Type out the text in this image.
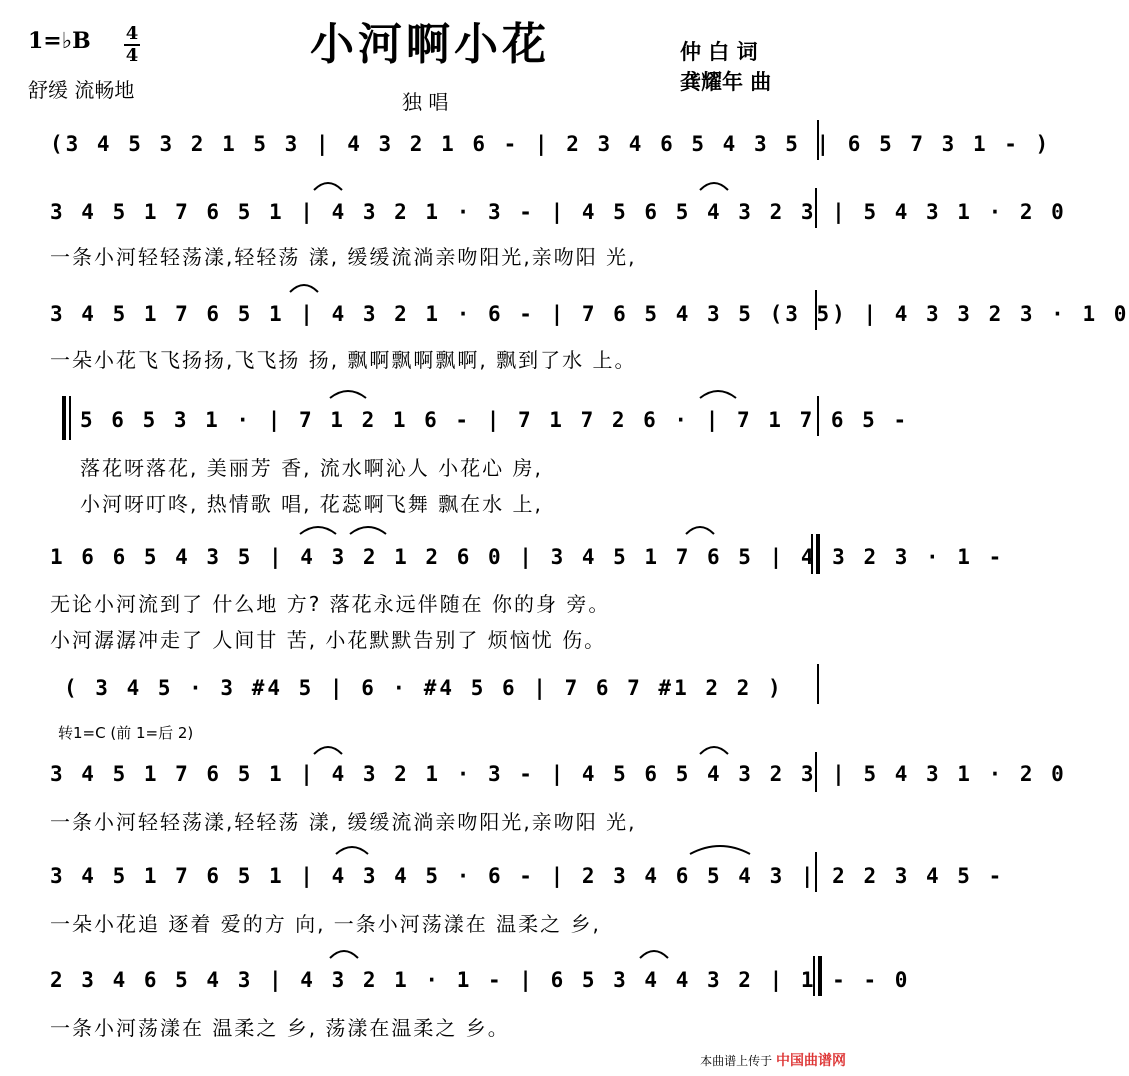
小河啊小花
1=♭B 4
4
舒缓 流畅地	独 唱
仲 白 词
龚耀年 曲
(3 4 5 3 2 1 5 3 | 4 3 2 1 6 - | 2 3 4 6 5 4 3 5 | 6 5 7 3 1 - )
3 4 5 1 7 6 5 1 | 4 3 2 1 · 3 - | 4 5 6 5 4 3 2 3 | 5 4 3 1 · 2 0
一条小河轻轻荡漾,轻轻荡 漾, 缓缓流淌亲吻阳光,亲吻阳 光,
3 4 5 1 7 6 5 1 | 4 3 2 1 · 6 - | 7 6 5 4 3 5 (3 5) | 4 3 3 2 3 · 1 0
一朵小花飞飞扬扬,飞飞扬 扬, 飘啊飘啊飘啊, 飘到了水 上。
5 6 5 3 1 · | 7 1 2 1 6 - | 7 1 7 2 6 · | 7 1 7 6 5 -
落花呀落花, 美丽芳 香, 流水啊沁人 小花心 房,
小河呀叮咚, 热情歌 唱, 花蕊啊飞舞 飘在水 上,
1 6 6 5 4 3 5 | 4 3 2 1 2 6 0 | 3 4 5 1 7 6 5 | 4 3 2 3 · 1 -
无论小河流到了 什么地 方? 落花永远伴随在 你的身 旁。
小河潺潺冲走了 人间甘 苦, 小花默默告别了 烦恼忧 伤。
( 3 4 5 · 3 #4 5 | 6 · #4 5 6 | 7 6 7 #1 2 2 )
转1=C (前 1=后 2)
3 4 5 1 7 6 5 1 | 4 3 2 1 · 3 - | 4 5 6 5 4 3 2 3 | 5 4 3 1 · 2 0
一条小河轻轻荡漾,轻轻荡 漾, 缓缓流淌亲吻阳光,亲吻阳 光,
3 4 5 1 7 6 5 1 | 4 3 4 5 · 6 - | 2 3 4 6 5 4 3 | 2 2 3 4 5 -
一朵小花追 逐着 爱的方 向, 一条小河荡漾在 温柔之 乡,
2 3 4 6 5 4 3 | 4 3 2 1 · 1 - | 6 5 3 4 4 3 2 | 1 - - 0
一条小河荡漾在 温柔之 乡, 荡漾在温柔之 乡。
本曲谱上传于 中国曲谱网
